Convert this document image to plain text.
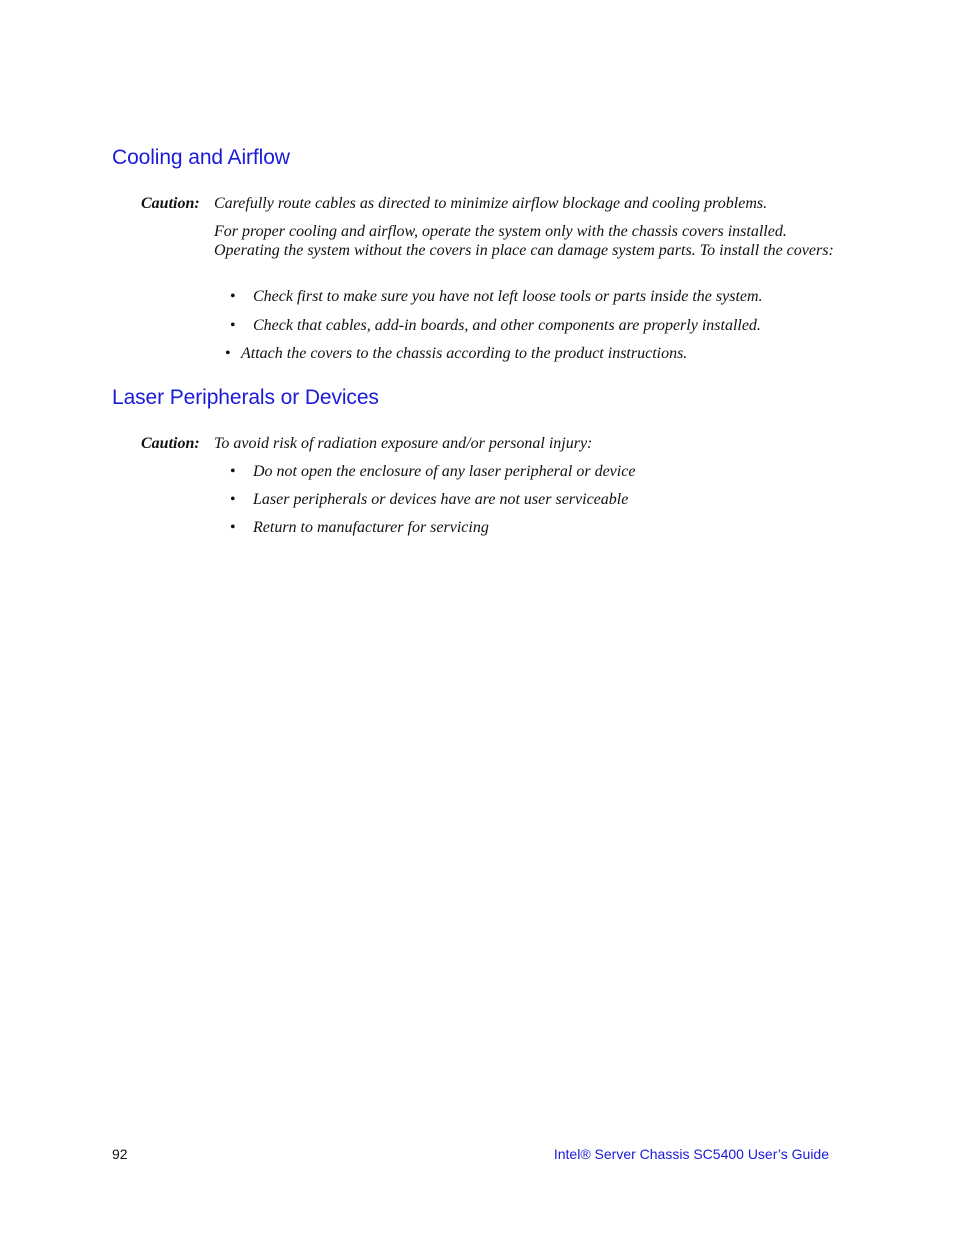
Cooling and Airflow
Caution: Carefully route cables as directed to minimize airflow blockage and cooling problems.
For proper cooling and airflow, operate the system only with the chassis covers installed. Operating the system without the covers in place can damage system parts. To install the covers:
• Check first to make sure you have not left loose tools or parts inside the system.
• Check that cables, add-in boards, and other components are properly installed.
• Attach the covers to the chassis according to the product instructions.
Laser Peripherals or Devices
Caution: To avoid risk of radiation exposure and/or personal injury:
• Do not open the enclosure of any laser peripheral or device
• Laser peripherals or devices have are not user serviceable
• Return to manufacturer for servicing
92	Intel® Server Chassis SC5400 User’s Guide
